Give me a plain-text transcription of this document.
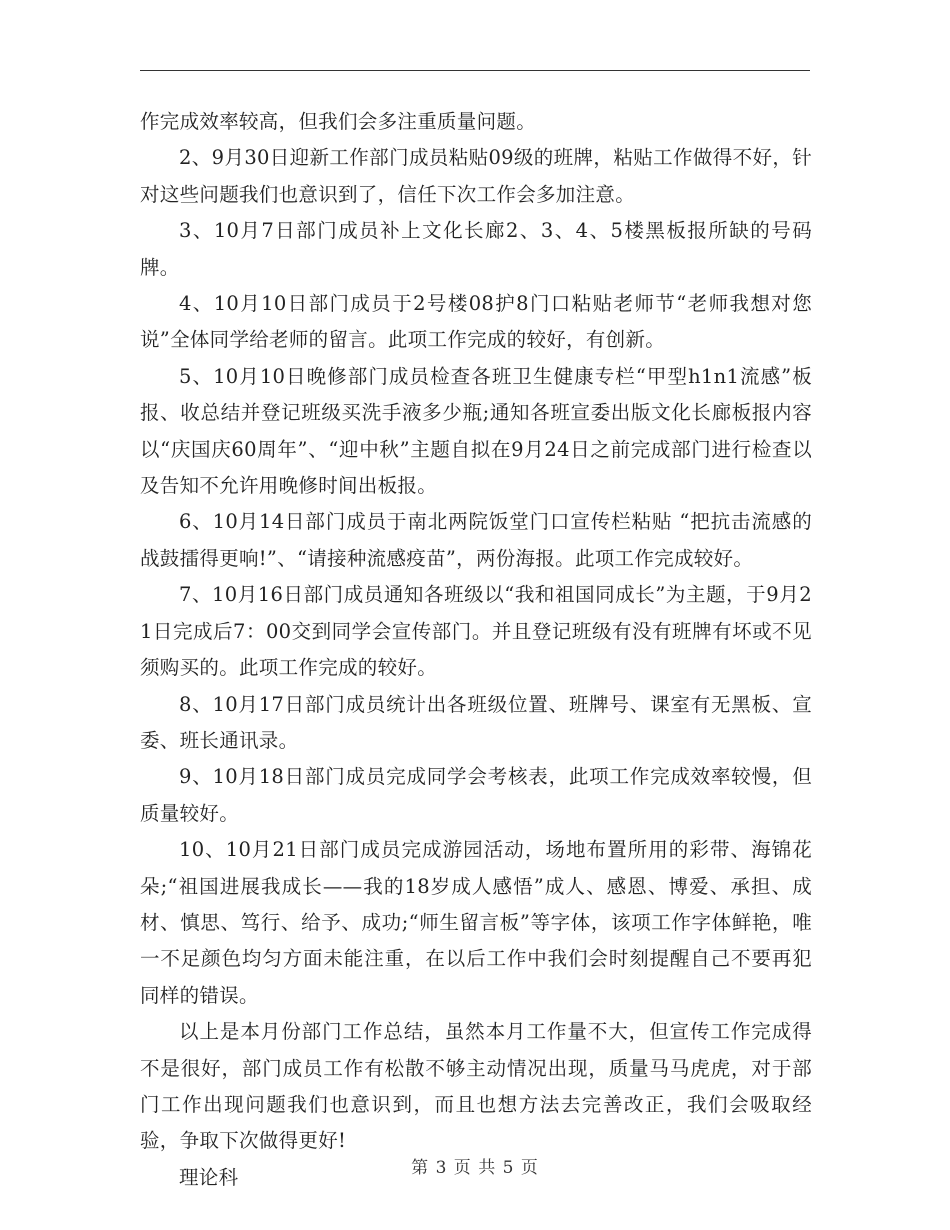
作完成效率较高，但我们会多注重质量问题。

2、9月30日迎新工作部门成员粘贴09级的班牌，粘贴工作做得不好，针对这些问题我们也意识到了，信任下次工作会多加注意。

3、10月7日部门成员补上文化长廊2、3、4、5楼黑板报所缺的号码牌。

4、10月10日部门成员于2号楼08护8门口粘贴老师节“老师我想对您说”全体同学给老师的留言。此项工作完成的较好，有创新。

5、10月10日晚修部门成员检查各班卫生健康专栏“甲型h1n1流感”板报、收总结并登记班级买洗手液多少瓶;通知各班宣委出版文化长廊板报内容以“庆国庆60周年”、“迎中秋”主题自拟在9月24日之前完成部门进行检查以及告知不允许用晚修时间出板报。

6、10月14日部门成员于南北两院饭堂门口宣传栏粘贴 “把抗击流感的战鼓擂得更响!”、“请接种流感疫苗”，两份海报。此项工作完成较好。

7、10月16日部门成员通知各班级以“我和祖国同成长”为主题，于9月21日完成后7：00交到同学会宣传部门。并且登记班级有没有班牌有坏或不见须购买的。此项工作完成的较好。

8、10月17日部门成员统计出各班级位置、班牌号、课室有无黑板、宣委、班长通讯录。

9、10月18日部门成员完成同学会考核表，此项工作完成效率较慢，但质量较好。

10、10月21日部门成员完成游园活动，场地布置所用的彩带、海锦花朵;“祖国进展我成长——我的18岁成人感悟”成人、感恩、博爱、承担、成材、慎思、笃行、给予、成功;“师生留言板”等字体，该项工作字体鲜艳，唯一不足颜色均匀方面未能注重，在以后工作中我们会时刻提醒自己不要再犯同样的错误。

以上是本月份部门工作总结，虽然本月工作量不大，但宣传工作完成得不是很好，部门成员工作有松散不够主动情况出现，质量马马虎虎，对于部门工作出现问题我们也意识到，而且也想方法去完善改正，我们会吸取经验，争取下次做得更好!

理论科	第 3 页 共 5 页
